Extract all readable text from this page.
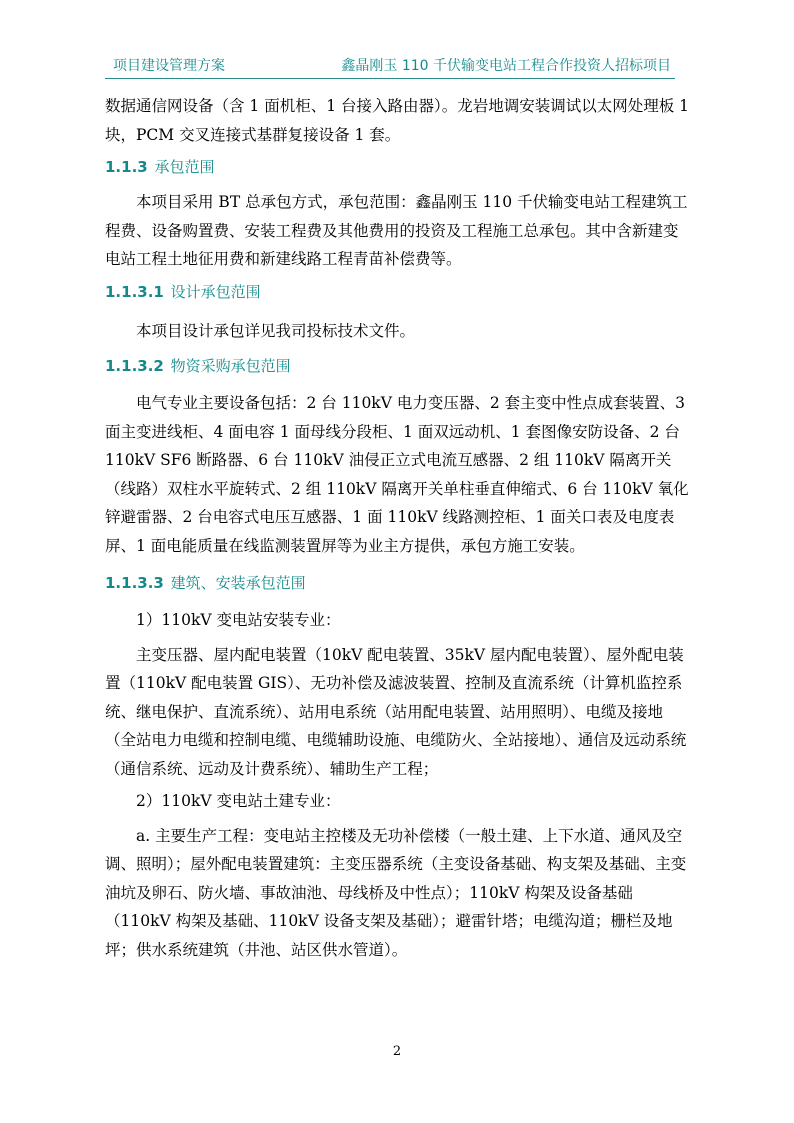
项目建设管理方案	鑫晶刚玉 110 千伏输变电站工程合作投资人招标项目

数据通信网设备（含 1 面机柜、1 台接入路由器）。龙岩地调安装调试以太网处理板 1 块，PCM 交叉连接式基群复接设备 1 套。

1.1.3 承包范围

本项目采用 BT 总承包方式，承包范围：鑫晶刚玉 110 千伏输变电站工程建筑工程费、设备购置费、安装工程费及其他费用的投资及工程施工总承包。其中含新建变电站工程土地征用费和新建线路工程青苗补偿费等。

1.1.3.1 设计承包范围

本项目设计承包详见我司投标技术文件。

1.1.3.2 物资采购承包范围

电气专业主要设备包括：2 台 110kV 电力变压器、2 套主变中性点成套装置、3 面主变进线柜、4 面电容 1 面母线分段柜、1 面双远动机、1 套图像安防设备、2 台 110kV SF6 断路器、6 台 110kV 油侵正立式电流互感器、2 组 110kV 隔离开关（线路）双柱水平旋转式、2 组 110kV 隔离开关单柱垂直伸缩式、6 台 110kV 氧化锌避雷器、2 台电容式电压互感器、1 面 110kV 线路测控柜、1 面关口表及电度表屏、1 面电能质量在线监测装置屏等为业主方提供，承包方施工安装。

1.1.3.3 建筑、安装承包范围

1）110kV 变电站安装专业：

主变压器、屋内配电装置（10kV 配电装置、35kV 屋内配电装置）、屋外配电装置（110kV 配电装置 GIS）、无功补偿及滤波装置、控制及直流系统（计算机监控系统、继电保护、直流系统）、站用电系统（站用配电装置、站用照明）、电缆及接地（全站电力电缆和控制电缆、电缆辅助设施、电缆防火、全站接地）、通信及远动系统（通信系统、远动及计费系统）、辅助生产工程；

2）110kV 变电站土建专业：

a. 主要生产工程：变电站主控楼及无功补偿楼（一般土建、上下水道、通风及空调、照明）；屋外配电装置建筑：主变压器系统（主变设备基础、构支架及基础、主变油坑及卵石、防火墙、事故油池、母线桥及中性点）；110kV 构架及设备基础（110kV 构架及基础、110kV 设备支架及基础）；避雷针塔；电缆沟道；栅栏及地坪；供水系统建筑（井池、站区供水管道）。

2
